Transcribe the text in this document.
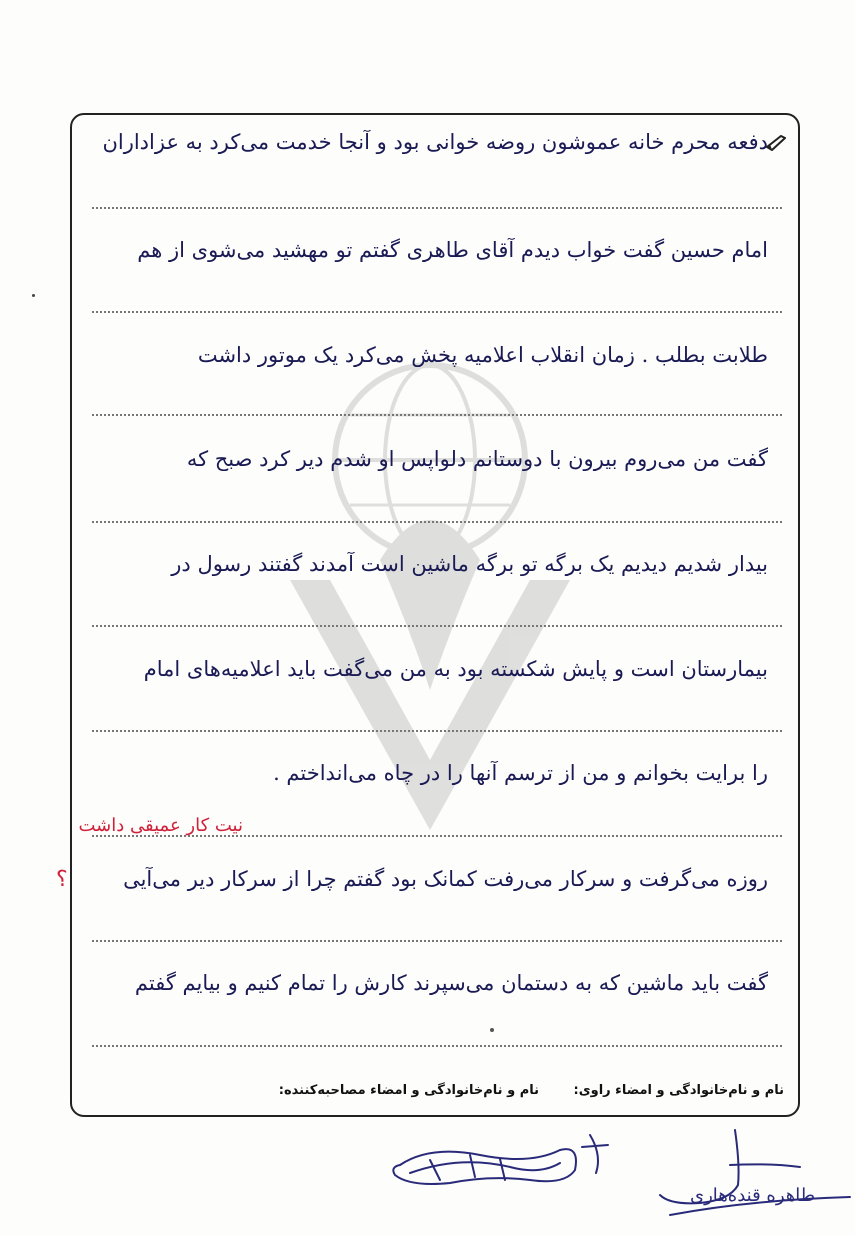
دفعه محرم خانه عموشون روضه خوانی بود و آنجا خدمت می‌کرد به عزاداران
امام حسین گفت خواب دیدم آقای طاهری گفتم تو مهشید می‌شوی از هم
طلابت بطلب . زمان انقلاب اعلامیه پخش می‌کرد یک موتور داشت
گفت من می‌روم بیرون با دوستانم دلواپس او شدم دیر کرد صبح که
بیدار شدیم دیدیم یک برگه تو برگه ماشین است آمدند گفتند رسول در
بیمارستان است و پایش شکسته بود به من می‌گفت باید اعلامیه‌های امام
را برایت بخوانم و من از ترسم آنها را در چاه می‌انداختم .
نیت کار عمیقی داشت
روزه می‌گرفت و سرکار می‌رفت کمانک بود گفتم چرا از سرکار دیر می‌آیی
؟
گفت باید ماشین که به دستمان می‌سپرند کارش را تمام کنیم و بیایم گفتم
نام و نام‌خانوادگی و امضاء راوی:
نام و نام‌خانوادگی و امضاء مصاحبه‌کننده:
طاهره قنده‌هاری
